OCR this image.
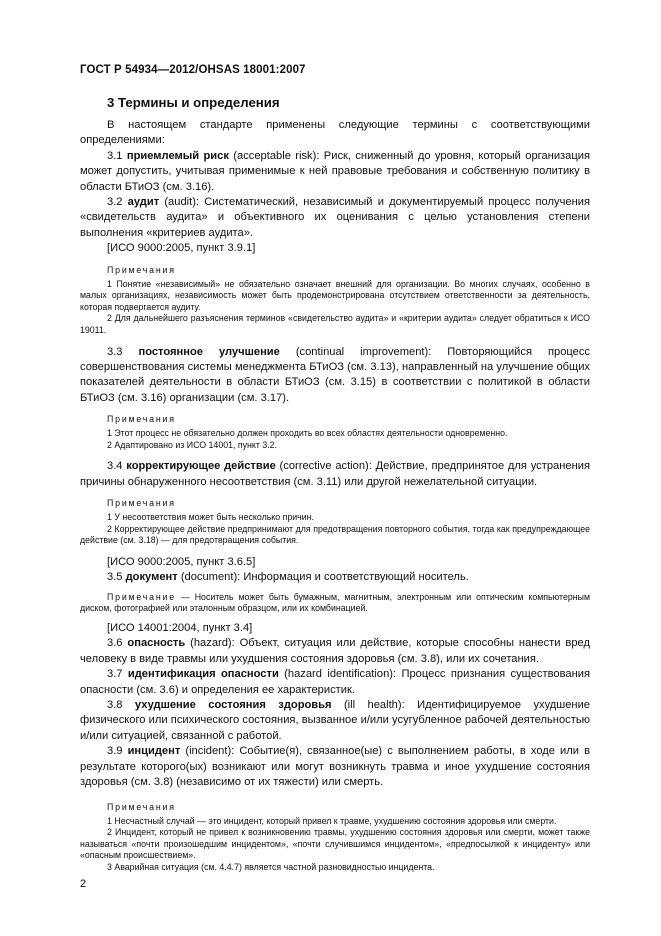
ГОСТ Р 54934—2012/OHSAS 18001:2007
3 Термины и определения

В настоящем стандарте применены следующие термины с соответствующими определениями:

3.1 приемлемый риск (acceptable risk): Риск, сниженный до уровня, который организация может допустить, учитывая применимые к ней правовые требования и собственную политику в области БТиОЗ (см. 3.16).

3.2 аудит (audit): Систематический, независимый и документируемый процесс получения «свидетельств аудита» и объективного их оценивания с целью установления степени выполнения «критериев аудита».

[ИСО 9000:2005, пункт 3.9.1]

Примечания

1 Понятие «независимый» не обязательно означает внешний для организации. Во многих случаях, особенно в малых организациях, независимость может быть продемонстрирована отсутствием ответственности за деятельность, которая подвергается аудиту.

2 Для дальнейшего разъяснения терминов «свидетельство аудита» и «критерии аудита» следует обратиться к ИСО 19011.

3.3 постоянное улучшение (continual improvement): Повторяющийся процесс совершенствования системы менеджмента БТиОЗ (см. 3.13), направленный на улучшение общих показателей деятельности в области БТиОЗ (см. 3.15) в соответствии с политикой в области БТиОЗ (см. 3.16) организации (см. 3.17).

Примечания

1 Этот процесс не обязательно должен проходить во всех областях деятельности одновременно.

2 Адаптировано из ИСО 14001, пункт 3.2.

3.4 корректирующее действие (corrective action): Действие, предпринятое для устранения причины обнаруженного несоответствия (см. 3.11) или другой нежелательной ситуации.

Примечания

1 У несоответствия может быть несколько причин.

2 Корректирующее действие предпринимают для предотвращения повторного события, тогда как предупреждающее действие (см. 3.18) — для предотвращения события.

[ИСО 9000:2005, пункт 3.6.5]

3.5 документ (document): Информация и соответствующий носитель.

Примечание — Носитель может быть бумажным, магнитным, электронным или оптическим компьютерным диском, фотографией или эталонным образцом, или их комбинацией.

[ИСО 14001:2004, пункт 3.4]

3.6 опасность (hazard): Объект, ситуация или действие, которые способны нанести вред человеку в виде травмы или ухудшения состояния здоровья (см. 3.8), или их сочетания.

3.7 идентификация опасности (hazard identification): Процесс признания существования опасности (см. 3.6) и определения ее характеристик.

3.8 ухудшение состояния здоровья (ill health): Идентифицируемое ухудшение физического или психического состояния, вызванное и/или усугубленное рабочей деятельностью и/или ситуацией, связанной с работой.

3.9 инцидент (incident): Событие(я), связанное(ые) с выполнением работы, в ходе или в результате которого(ых) возникают или могут возникнуть травма и иное ухудшение состояния здоровья (см. 3.8) (независимо от их тяжести) или смерть.

Примечания

1 Несчастный случай — это инцидент, который привел к травме, ухудшению состояния здоровья или смерти.

2 Инцидент, который не привел к возникновению травмы, ухудшению состояния здоровья или смерти, может также называться «почти произошедшим инцидентом», «почти случившимся инцидентом», «предпосылкой к инциденту» или «опасным происшествием».

3 Аварийная ситуация (см. 4.4.7) является частной разновидностью инцидента.

2
